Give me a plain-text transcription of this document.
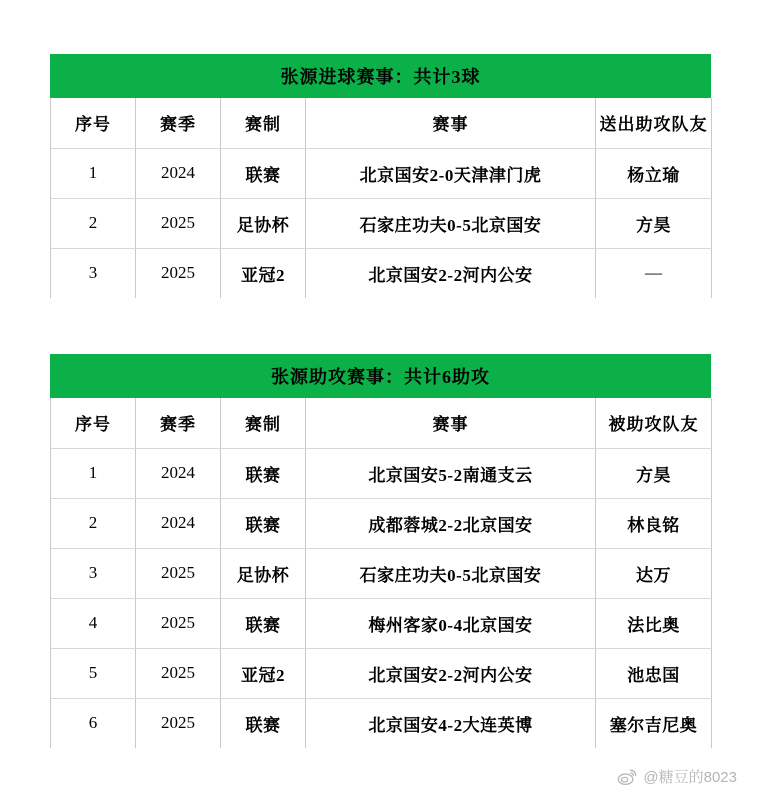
张源进球赛事：共计3球
序号	赛季	赛制	赛事	送出助攻队友
1	2024	联赛	北京国安2-0天津津门虎	杨立瑜
2	2025	足协杯	石家庄功夫0-5北京国安	方昊
3	2025	亚冠2	北京国安2-2河内公安	—
张源助攻赛事：共计6助攻
序号	赛季	赛制	赛事	被助攻队友
1	2024	联赛	北京国安5-2南通支云	方昊
2	2024	联赛	成都蓉城2-2北京国安	林良铭
3	2025	足协杯	石家庄功夫0-5北京国安	达万
4	2025	联赛	梅州客家0-4北京国安	法比奥
5	2025	亚冠2	北京国安2-2河内公安	池忠国
6	2025	联赛	北京国安4-2大连英博	塞尔吉尼奥
@糖豆的8023
